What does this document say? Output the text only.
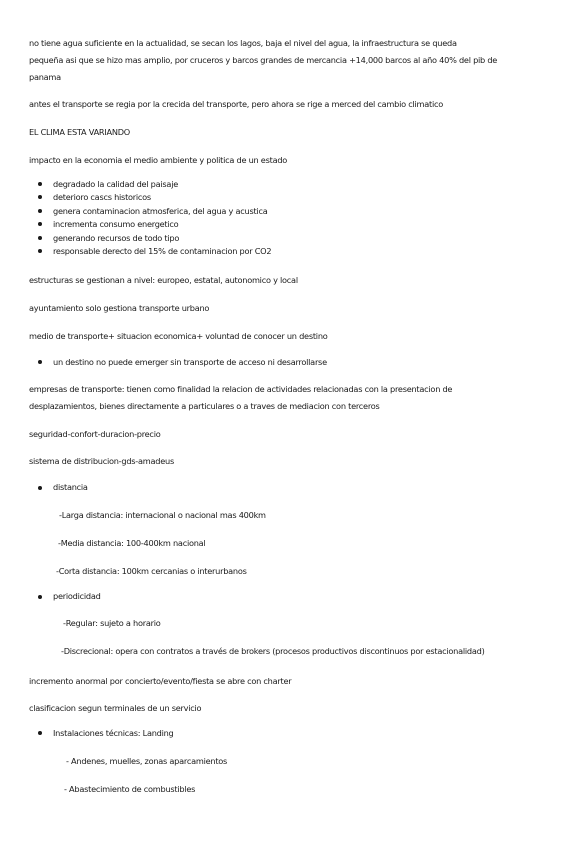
no tiene agua suficiente en la actualidad, se secan los lagos, baja el nivel del agua, la infraestructura se queda

pequeña asi que se hizo mas amplio, por cruceros y barcos grandes de mercancia +14,000 barcos al año 40% del pib de

panama

antes el transporte se regia por la crecida del transporte, pero ahora se rige a merced del cambio climatico

EL CLIMA ESTA VARIANDO

impacto en la economia el medio ambiente y politica de un estado

degradado la calidad del paisaje
deterioro cascs historicos
genera contaminacion atmosferica, del agua y acustica
incrementa consumo energetico
generando recursos de todo tipo
responsable derecto del 15% de contaminacion por CO2

estructuras se gestionan a nivel: europeo, estatal, autonomico y local

ayuntamiento solo gestiona transporte urbano

medio de transporte+ situacion economica+ voluntad de conocer un destino

un destino no puede emerger sin transporte de acceso ni desarrollarse

empresas de transporte: tienen como finalidad la relacion de actividades relacionadas con la presentacion de

desplazamientos, bienes directamente a particulares o a traves de mediacion con terceros

seguridad-confort-duracion-precio

sistema de distribucion-gds-amadeus

distancia
-Larga distancia: internacional o nacional mas 400km
-Media distancia: 100-400km nacional
-Corta distancia: 100km cercanias o interurbanos
periodicidad
-Regular: sujeto a horario
-Discrecional: opera con contratos a través de brokers (procesos productivos discontinuos por estacionalidad)

incremento anormal por concierto/evento/fiesta se abre con charter

clasificacion segun terminales de un servicio

Instalaciones técnicas: Landing
- Andenes, muelles, zonas aparcamientos
- Abastecimiento de combustibles
